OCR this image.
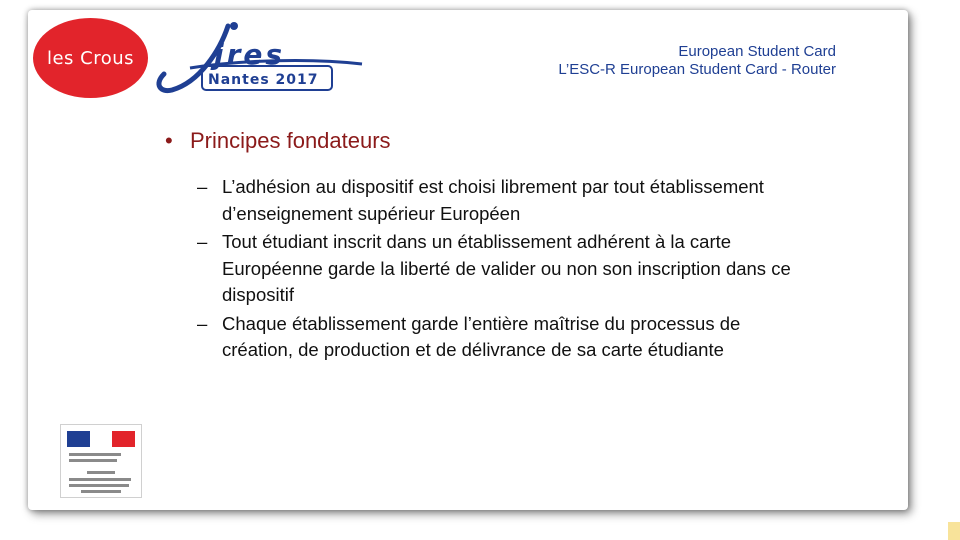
les Crous	jres
Nantes 2017
European Student Card
L’ESC-R European Student Card - Router
• Principes fondateurs
– L’adhésion au dispositif est choisi librement par tout établissement d’enseignement supérieur Européen
– Tout étudiant inscrit dans un établissement adhérent à la carte Européenne garde la liberté de valider ou non son inscription dans ce dispositif
– Chaque établissement garde l’entière maîtrise du processus de création, de production et de délivrance de sa carte étudiante
